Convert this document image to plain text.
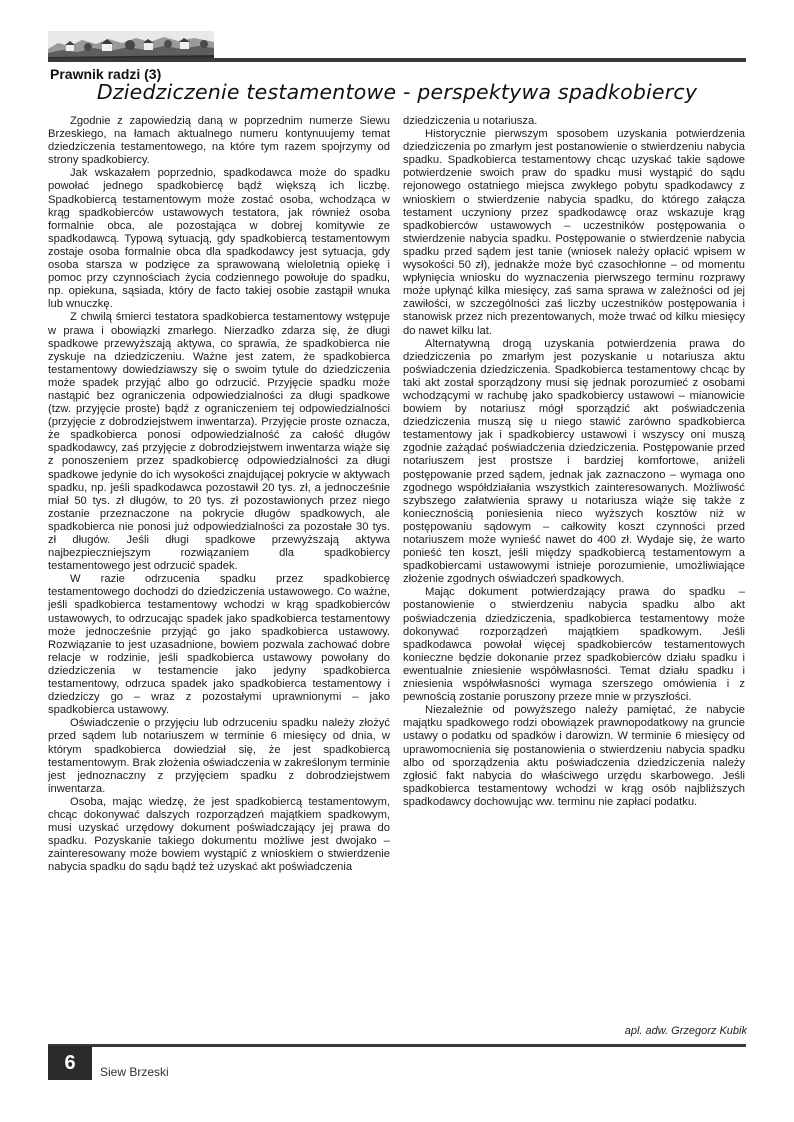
Prawnik radzi (3)
Dziedziczenie testamentowe - perspektywa spadkobiercy

Zgodnie z zapowiedzią daną w poprzednim numerze Siewu Brzeskiego, na łamach aktualnego numeru kontynuujemy temat dziedziczenia testamentowego, na które tym razem spojrzymy od strony spadkobiercy.

Jak wskazałem poprzednio, spadkodawca może do spadku powołać jednego spadkobiercę bądź większą ich liczbę. Spadkobiercą testamentowym może zostać osoba, wchodząca w krąg spadkobierców ustawowych testatora, jak również osoba formalnie obca, ale pozostająca w dobrej komitywie ze spadkodawcą. Typową sytuacją, gdy spadkobiercą testamentowym zostaje osoba formalnie obca dla spadkodawcy jest sytuacja, gdy osoba starsza w podzięce za sprawowaną wieloletnią opiekę i pomoc przy czynnościach życia codziennego powołuje do spadku, np. opiekuna, sąsiada, który de facto takiej osobie zastąpił wnuka lub wnuczkę.

Z chwilą śmierci testatora spadkobierca testamentowy wstępuje w prawa i obowiązki zmarłego. Nierzadko zdarza się, że długi spadkowe przewyższają aktywa, co sprawia, że spadkobierca nie zyskuje na dziedziczeniu. Ważne jest zatem, że spadkobierca testamentowy dowiedziawszy się o swoim tytule do dziedziczenia może spadek przyjąć albo go odrzucić. Przyjęcie spadku może nastąpić bez ograniczenia odpowiedzialności za długi spadkowe (tzw. przyjęcie proste) bądź z ograniczeniem tej odpowiedzialności (przyjęcie z dobrodziejstwem inwentarza). Przyjęcie proste oznacza, że spadkobierca ponosi odpowiedzialność za całość długów spadkodawcy, zaś przyjęcie z dobrodziejstwem inwentarza wiąże się z ponoszeniem przez spadkobiercę odpowiedzialności za długi spadkowe jedynie do ich wysokości znajdującej pokrycie w aktywach spadku, np. jeśli spadkodawca pozostawił 20 tys. zł, a jednocześnie miał 50 tys. zł długów, to 20 tys. zł pozostawionych przez niego zostanie przeznaczone na pokrycie długów spadkowych, ale spadkobierca nie ponosi już odpowiedzialności za pozostałe 30 tys. zł długów. Jeśli długi spadkowe przewyższają aktywa najbezpieczniejszym rozwiązaniem dla spadkobiercy testamentowego jest odrzucić spadek.

W razie odrzucenia spadku przez spadkobiercę testamentowego dochodzi do dziedziczenia ustawowego. Co ważne, jeśli spadkobierca testamentowy wchodzi w krąg spadkobierców ustawowych, to odrzucając spadek jako spadkobierca testamentowy może jednocześnie przyjąć go jako spadkobierca ustawowy. Rozwiązanie to jest uzasadnione, bowiem pozwala zachować dobre relacje w rodzinie, jeśli spadkobierca ustawowy powołany do dziedziczenia w testamencie jako jedyny spadkobierca testamentowy, odrzuca spadek jako spadkobierca testamentowy i dziedziczy go – wraz z pozostałymi uprawnionymi – jako spadkobierca ustawowy.

Oświadczenie o przyjęciu lub odrzuceniu spadku należy złożyć przed sądem lub notariuszem w terminie 6 miesięcy od dnia, w którym spadkobierca dowiedział się, że jest spadkobiercą testamentowym. Brak złożenia oświadczenia w zakreślonym terminie jest jednoznaczny z przyjęciem spadku z dobrodziejstwem inwentarza.

Osoba, mając wiedzę, że jest spadkobiercą testamentowym, chcąc dokonywać dalszych rozporządzeń majątkiem spadkowym, musi uzyskać urzędowy dokument poświadczający jej prawa do spadku. Pozyskanie takiego dokumentu możliwe jest dwojako – zainteresowany może bowiem wystąpić z wnioskiem o stwierdzenie nabycia spadku do sądu bądź też uzyskać akt poświadczenia

dziedziczenia u notariusza.

Historycznie pierwszym sposobem uzyskania potwierdzenia dziedziczenia po zmarłym jest postanowienie o stwierdzeniu nabycia spadku. Spadkobierca testamentowy chcąc uzyskać takie sądowe potwierdzenie swoich praw do spadku musi wystąpić do sądu rejonowego ostatniego miejsca zwykłego pobytu spadkodawcy z wnioskiem o stwierdzenie nabycia spadku, do którego załącza testament uczyniony przez spadkodawcę oraz wskazuje krąg spadkobierców ustawowych – uczestników postępowania o stwierdzenie nabycia spadku. Postępowanie o stwierdzenie nabycia spadku przed sądem jest tanie (wniosek należy opłacić wpisem w wysokości 50 zł), jednakże może być czasochłonne – od momentu wpłynięcia wniosku do wyznaczenia pierwszego terminu rozprawy może upłynąć kilka miesięcy, zaś sama sprawa w zależności od jej zawiłości, w szczególności zaś liczby uczestników postępowania i stanowisk przez nich prezentowanych, może trwać od kilku miesięcy do nawet kilku lat.

Alternatywną drogą uzyskania potwierdzenia prawa do dziedziczenia po zmarłym jest pozyskanie u notariusza aktu poświadczenia dziedziczenia. Spadkobierca testamentowy chcąc by taki akt został sporządzony musi się jednak porozumieć z osobami wchodzącymi w rachubę jako spadkobiercy ustawowi – mianowicie bowiem by notariusz mógł sporządzić akt poświadczenia dziedziczenia muszą się u niego stawić zarówno spadkobierca testamentowy jak i spadkobiercy ustawowi i wszyscy oni muszą zgodnie zażądać poświadczenia dziedziczenia. Postępowanie przed notariuszem jest prostsze i bardziej komfortowe, aniżeli postępowanie przed sądem, jednak jak zaznaczono – wymaga ono zgodnego współdziałania wszystkich zainteresowanych. Możliwość szybszego załatwienia sprawy u notariusza wiąże się także z koniecznością poniesienia nieco wyższych kosztów niż w postępowaniu sądowym – całkowity koszt czynności przed notariuszem może wynieść nawet do 400 zł. Wydaje się, że warto ponieść ten koszt, jeśli między spadkobiercą testamentowym a spadkobiercami ustawowymi istnieje porozumienie, umożliwiające złożenie zgodnych oświadczeń spadkowych.

Mając dokument potwierdzający prawa do spadku – postanowienie o stwierdzeniu nabycia spadku albo akt poświadczenia dziedziczenia, spadkobierca testamentowy może dokonywać rozporządzeń majątkiem spadkowym. Jeśli spadkodawca powołał więcej spadkobierców testamentowych konieczne będzie dokonanie przez spadkobierców działu spadku i ewentualnie zniesienie współwłasności. Temat działu spadku i zniesienia współwłasności wymaga szerszego omówienia i z pewnością zostanie poruszony przeze mnie w przyszłości.

Niezależnie od powyższego należy pamiętać, że nabycie majątku spadkowego rodzi obowiązek prawnopodatkowy na gruncie ustawy o podatku od spadków i darowizn. W terminie 6 miesięcy od uprawomocnienia się postanowienia o stwierdzeniu nabycia spadku albo od sporządzenia aktu poświadczenia dziedziczenia należy zgłosić fakt nabycia do właściwego urzędu skarbowego. Jeśli spadkobierca testamentowy wchodzi w krąg osób najbliższych spadkodawcy dochowując ww. terminu nie zapłaci podatku.

apl. adw. Grzegorz Kubik
6	Siew Brzeski
